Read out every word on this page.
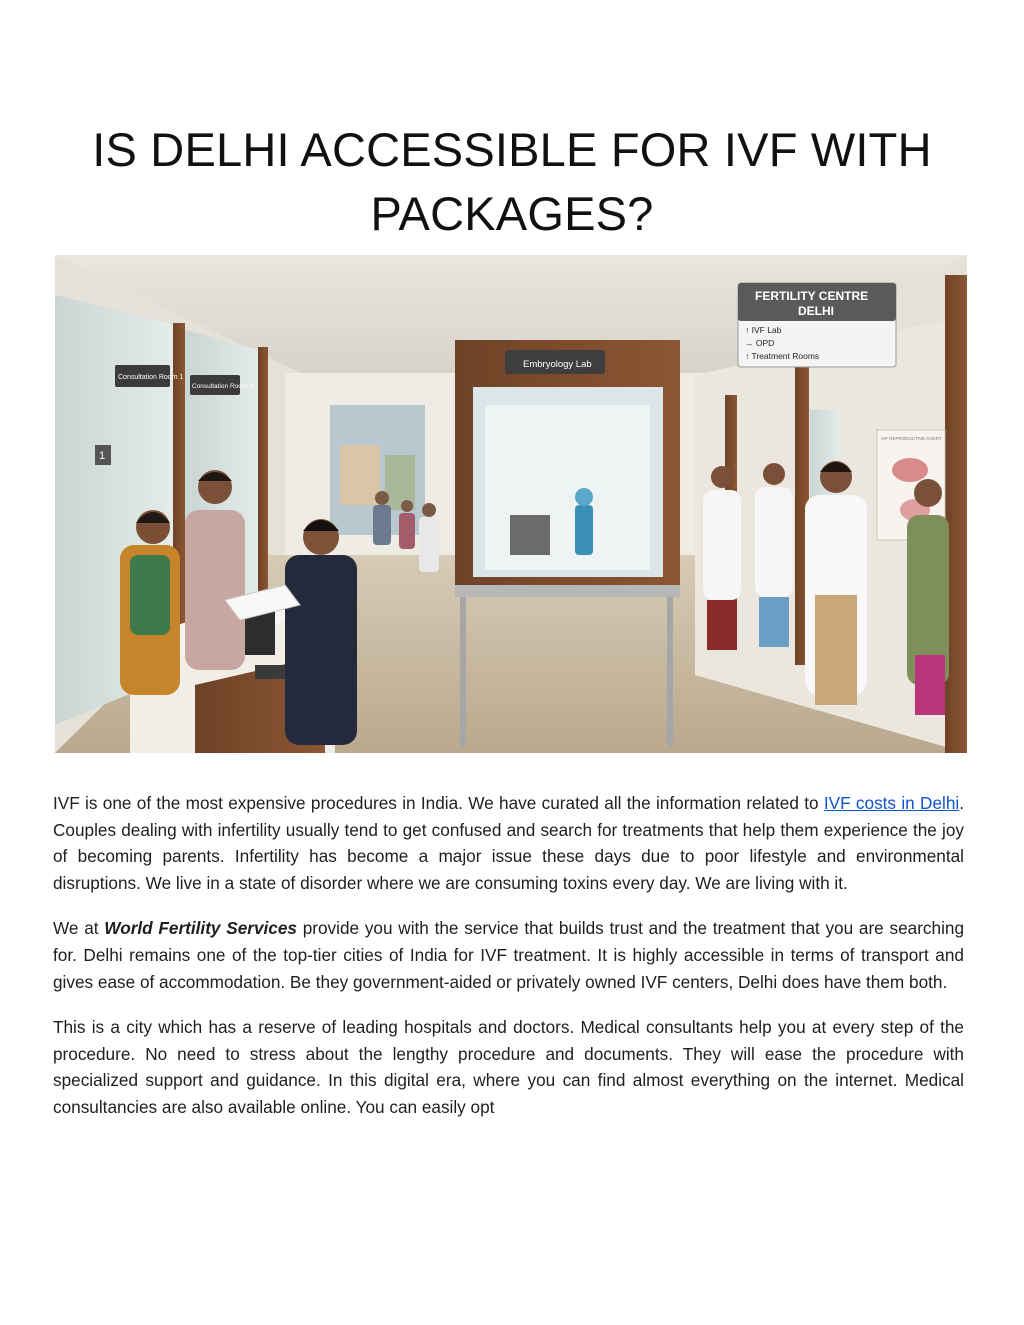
IS DELHI ACCESSIBLE FOR IVF WITH
PACKAGES?
Consultation Room 1
Consultation Room 2
1
Embryology Lab
FERTILITY CENTRE
DELHI
↑ IVF Lab
→ OPD
↑ Treatment Rooms
IVF REPRODUCTIVE CHART

IVF is one of the most expensive procedures in India. We have curated all the information related to IVF costs in Delhi. Couples dealing with infertility usually tend to get confused and search for treatments that help them experience the joy of becoming parents. Infertility has become a major issue these days due to poor lifestyle and environmental disruptions. We live in a state of disorder where we are consuming toxins every day. We are living with it.

We at World Fertility Services provide you with the service that builds trust and the treatment that you are searching for. Delhi remains one of the top-tier cities of India for IVF treatment. It is highly accessible in terms of transport and gives ease of accommodation. Be they government-aided or privately owned IVF centers, Delhi does have them both.

This is a city which has a reserve of leading hospitals and doctors. Medical consultants help you at every step of the procedure. No need to stress about the lengthy procedure and documents. They will ease the procedure with specialized support and guidance. In this digital era, where you can find almost everything on the internet. Medical consultancies are also available online. You can easily opt
